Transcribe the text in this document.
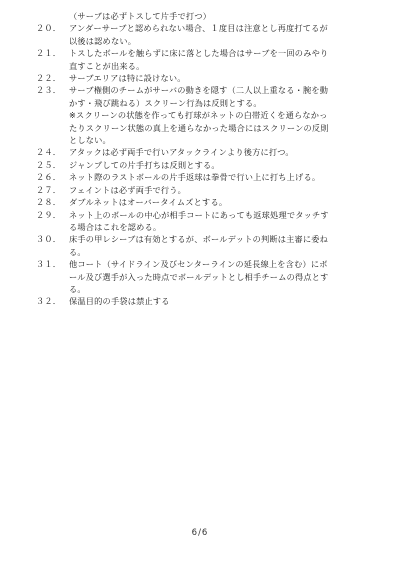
（サーブは必ずトスして片手で打つ）
２０． アンダーサーブと認められない場合、１度目は注意とし再度打てるが
以後は認めない。
２１． トスしたボールを触らずに床に落とした場合はサーブを一回のみやり
直すことが出来る。
２２． サーブエリアは特に設けない。
２３． サーブ権側のチームがサーバの動きを隠す（二人以上重なる・腕を動
かす・飛び跳ねる）スクリーン行為は反則とする。
※スクリーンの状態を作っても打球がネットの白帯近くを通らなかっ
たりスクリーン状態の真上を通らなかった場合にはスクリーンの反則
としない。
２４． アタックは必ず両手で行いアタックラインより後方に打つ。
２５． ジャンプしての片手打ちは反則とする。
２６． ネット際のラストボールの片手返球は拳骨で行い上に打ち上げる。
２７． フェイントは必ず両手で行う。
２８． ダブルネットはオーバータイムズとする。
２９． ネット上のボールの中心が相手コートにあっても返球処理でタッチす
る場合はこれを認める。
３０． 床手の甲レシーブは有効とするが、ボールデットの判断は主審に委ね
る。
３１． 他コート（サイドライン及びセンターラインの延長線上を含む）にボ
ール及び選手が入った時点でボールデットとし相手チームの得点とす
る。
３２． 保温目的の手袋は禁止する
6/6
